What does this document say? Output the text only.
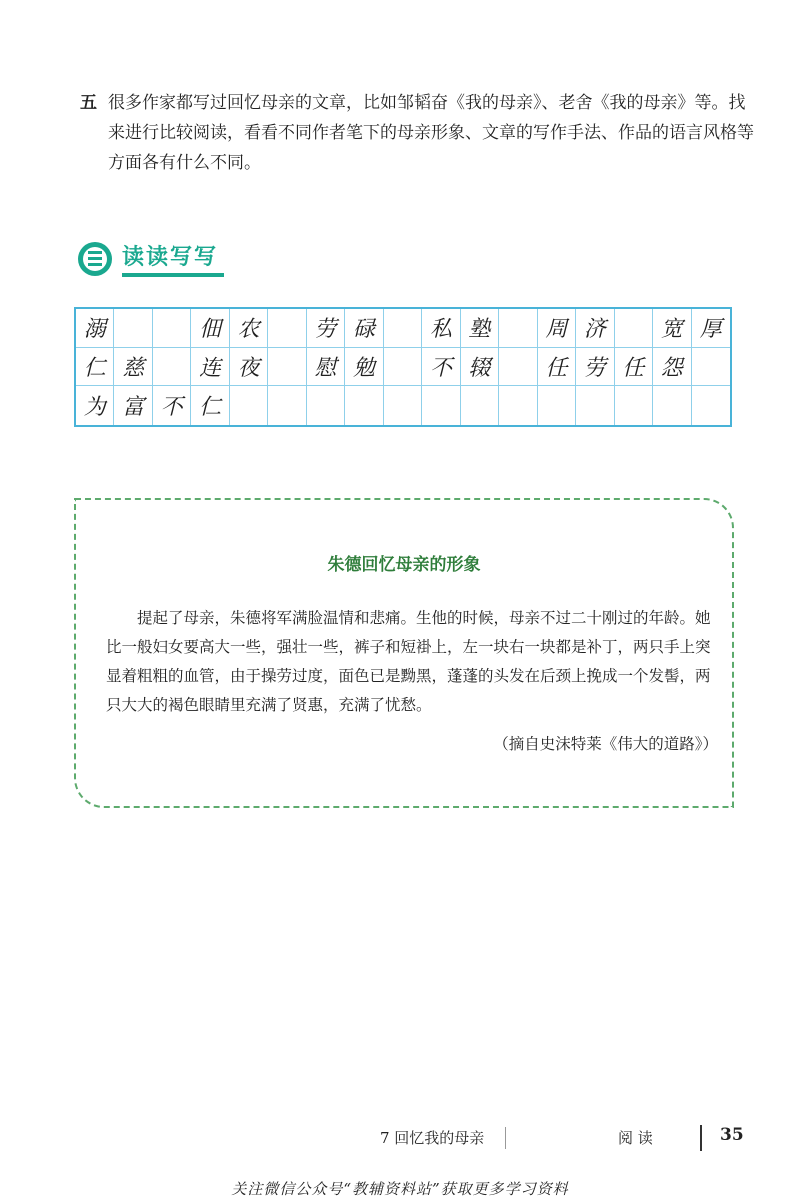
五 很多作家都写过回忆母亲的文章，比如邹韬奋《我的母亲》、老舍《我的母亲》等。找来进行比较阅读，看看不同作者笔下的母亲形象、文章的写作手法、作品的语言风格等方面各有什么不同。
读读写写
溺	佃 农	劳 碌	私 塾	周 济	宽 厚
仁 慈	连 夜	慰 勉	不 辍	任 劳 任 怨
为 富 不 仁
朱德回忆母亲的形象

提起了母亲，朱德将军满脸温情和悲痛。生他的时候，母亲不过二十刚过的年龄。她比一般妇女要高大一些，强壮一些，裤子和短褂上，左一块右一块都是补丁，两只手上突显着粗粗的血管，由于操劳过度，面色已是黝黑，蓬蓬的头发在后颈上挽成一个发髻，两只大大的褐色眼睛里充满了贤惠，充满了忧愁。

（摘自史沫特莱《伟大的道路》）
7 回忆我的母亲	阅 读	35
关注微信公众号“教辅资料站”获取更多学习资料
